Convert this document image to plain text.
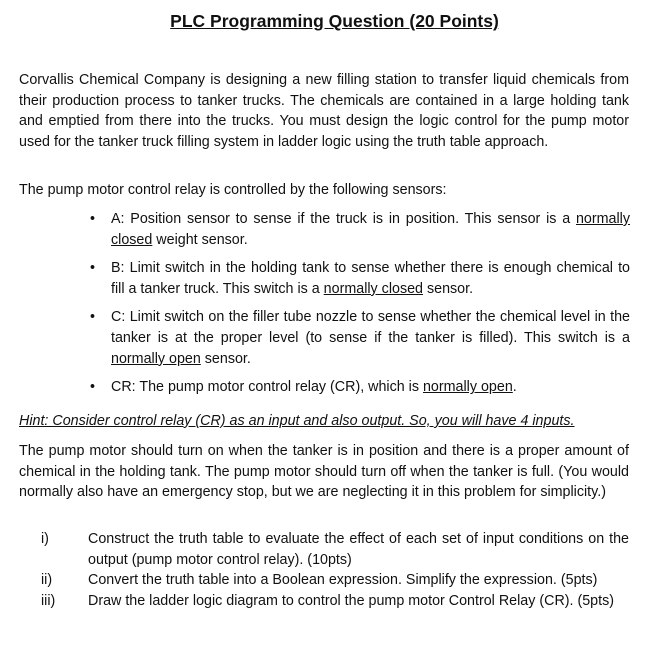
PLC Programming Question (20 Points)
Corvallis Chemical Company is designing a new filling station to transfer liquid chemicals from their production process to tanker trucks. The chemicals are contained in a large holding tank and emptied from there into the trucks. You must design the logic control for the pump motor used for the tanker truck filling system in ladder logic using the truth table approach.
The pump motor control relay is controlled by the following sensors:
• A: Position sensor to sense if the truck is in position. This sensor is a normally closed weight sensor.
• B: Limit switch in the holding tank to sense whether there is enough chemical to fill a tanker truck. This switch is a normally closed sensor.
• C: Limit switch on the filler tube nozzle to sense whether the chemical level in the tanker is at the proper level (to sense if the tanker is filled). This switch is a normally open sensor.
• CR: The pump motor control relay (CR), which is normally open.
Hint: Consider control relay (CR) as an input and also output. So, you will have 4 inputs.
The pump motor should turn on when the tanker is in position and there is a proper amount of chemical in the holding tank. The pump motor should turn off when the tanker is full. (You would normally also have an emergency stop, but we are neglecting it in this problem for simplicity.)
i)	Construct the truth table to evaluate the effect of each set of input conditions on the output (pump motor control relay). (10pts)
ii)	Convert the truth table into a Boolean expression. Simplify the expression. (5pts)
iii) Draw the ladder logic diagram to control the pump motor Control Relay (CR). (5pts)
